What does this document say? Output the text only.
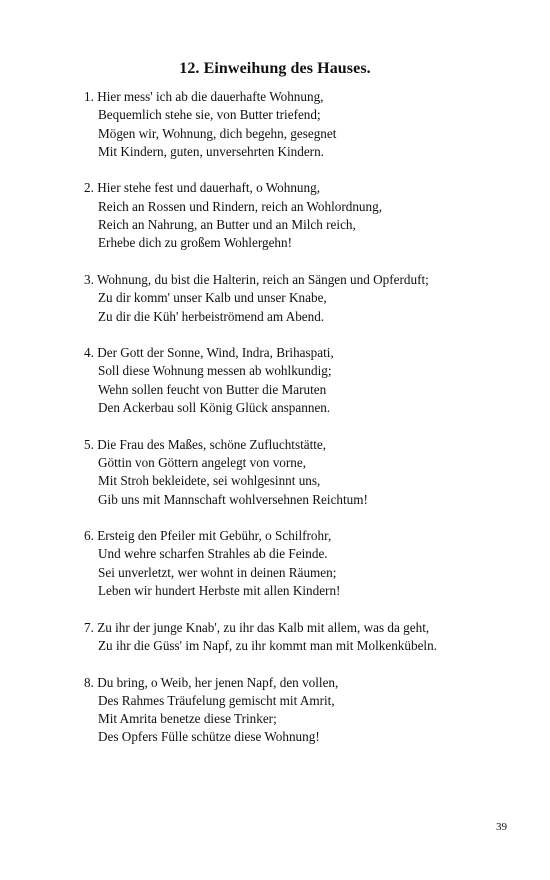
12. Einweihung des Hauses.
1. Hier mess' ich ab die dauerhafte Wohnung,
Bequemlich stehe sie, von Butter triefend;
Mögen wir, Wohnung, dich begehn, gesegnet
Mit Kindern, guten, unversehrten Kindern.
2. Hier stehe fest und dauerhaft, o Wohnung,
Reich an Rossen und Rindern, reich an Wohlordnung,
Reich an Nahrung, an Butter und an Milch reich,
Erhebe dich zu großem Wohlergehn!
3. Wohnung, du bist die Halterin, reich an Sängen und Opferduft;
Zu dir komm' unser Kalb und unser Knabe,
Zu dir die Küh' herbeiströmend am Abend.
4. Der Gott der Sonne, Wind, Indra, Brihaspati,
Soll diese Wohnung messen ab wohlkundig;
Wehn sollen feucht von Butter die Maruten
Den Ackerbau soll König Glück anspannen.
5. Die Frau des Maßes, schöne Zufluchtstätte,
Göttin von Göttern angelegt von vorne,
Mit Stroh bekleidete, sei wohlgesinnt uns,
Gib uns mit Mannschaft wohlversehnen Reichtum!
6. Ersteig den Pfeiler mit Gebühr, o Schilfrohr,
Und wehre scharfen Strahles ab die Feinde.
Sei unverletzt, wer wohnt in deinen Räumen;
Leben wir hundert Herbste mit allen Kindern!
7. Zu ihr der junge Knab', zu ihr das Kalb mit allem, was da geht,
Zu ihr die Güss' im Napf, zu ihr kommt man mit Molkenkübeln.
8. Du bring, o Weib, her jenen Napf, den vollen,
Des Rahmes Träufelung gemischt mit Amrit,
Mit Amrita benetze diese Trinker;
Des Opfers Fülle schütze diese Wohnung!
39
